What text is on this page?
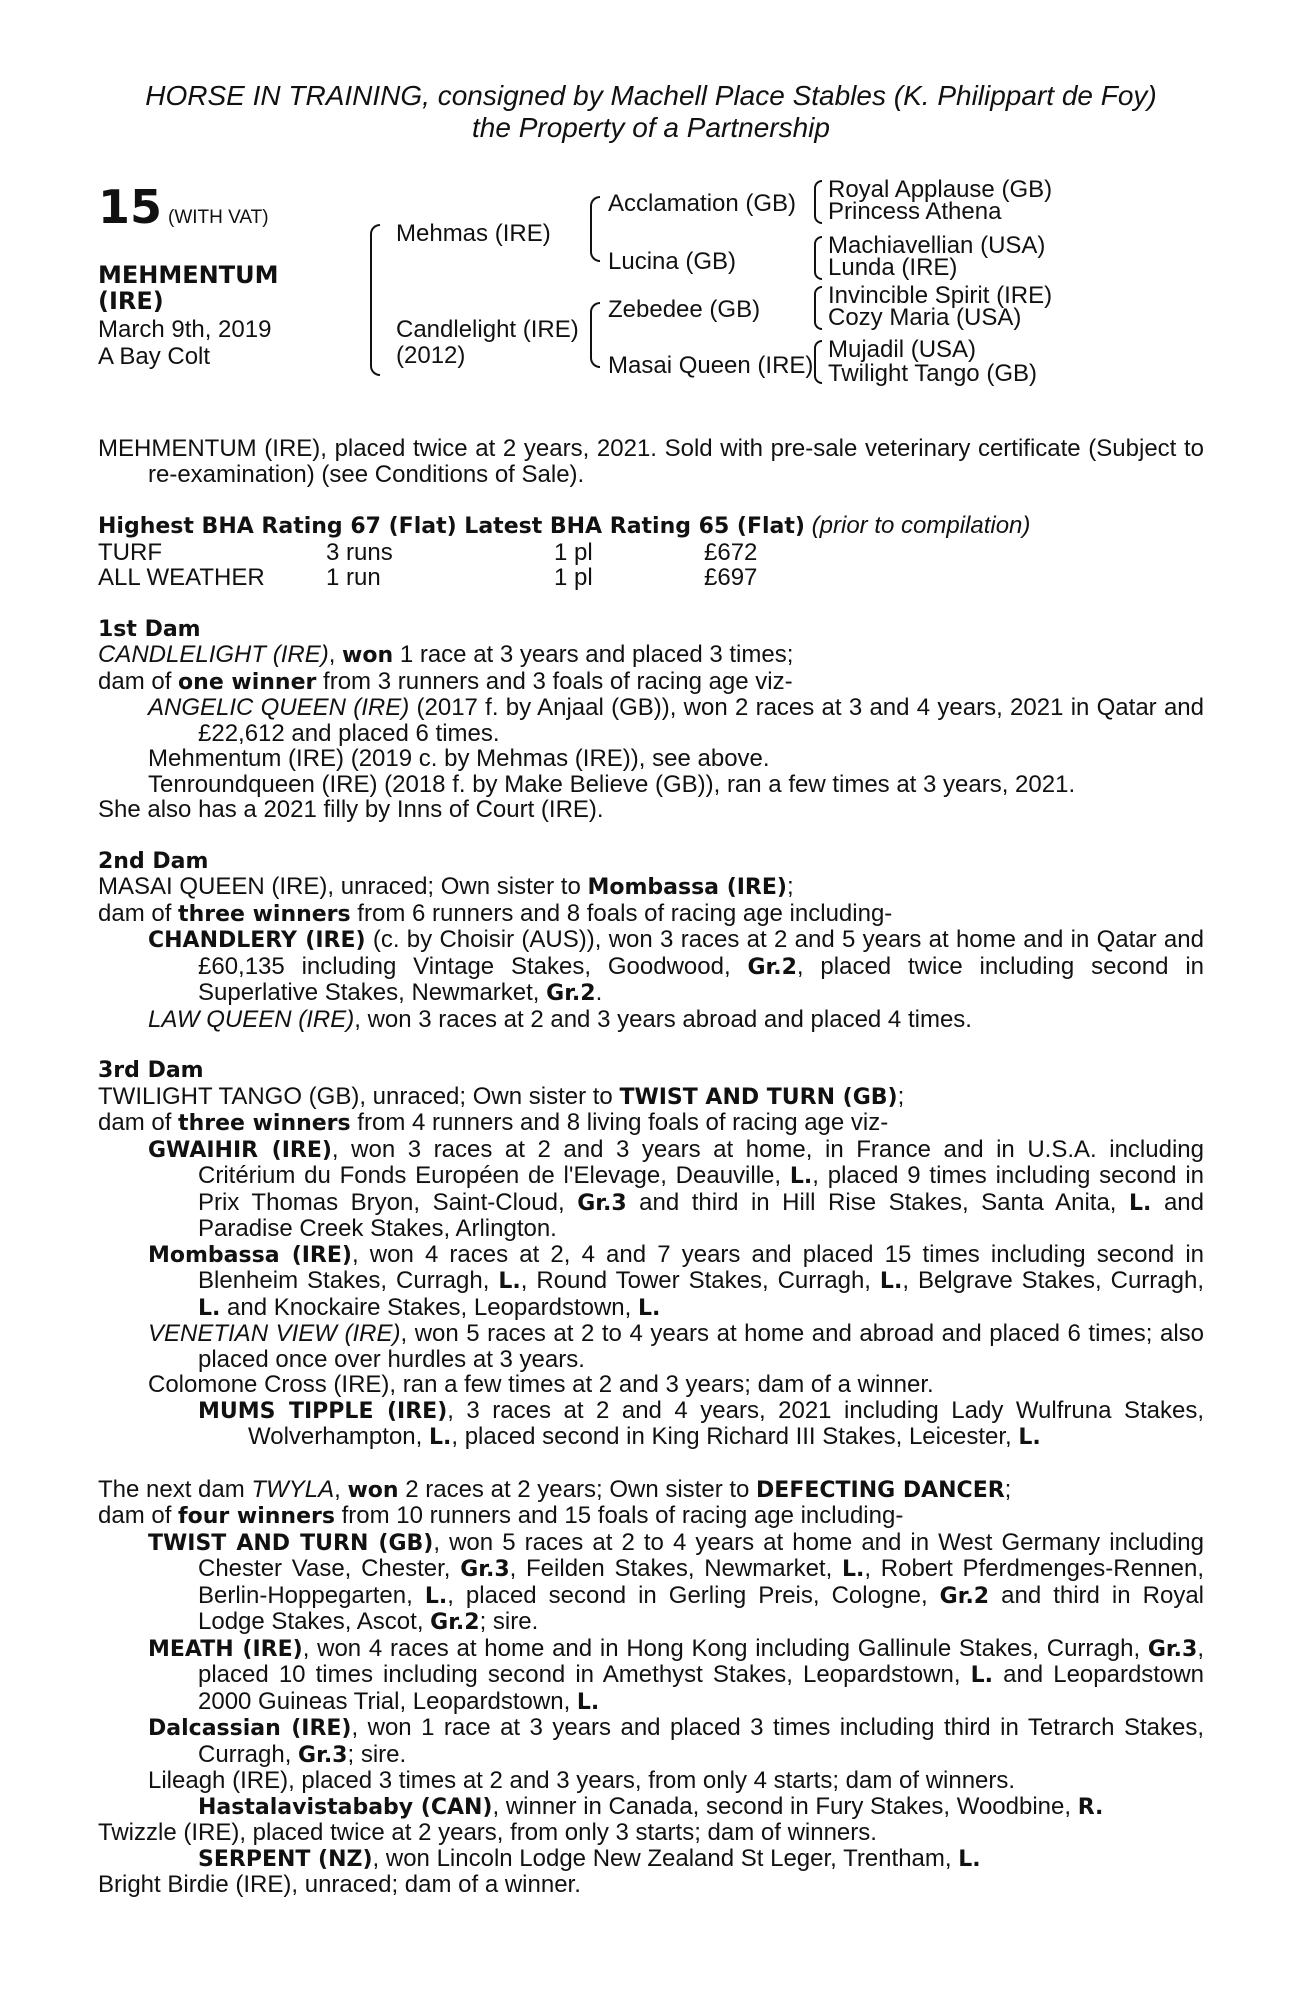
HORSE IN TRAINING, consigned by Machell Place Stables (K. Philippart de Foy)
the Property of a Partnership
15 (WITH VAT)
MEHMENTUM
(IRE)
March 9th, 2019
A Bay Colt
Mehmas (IRE)
Candlelight (IRE)
(2012)
Acclamation (GB)
Lucina (GB)
Zebedee (GB)
Masai Queen (IRE)
Royal Applause (GB)
Princess Athena
Machiavellian (USA)
Lunda (IRE)
Invincible Spirit (IRE)
Cozy Maria (USA)
Mujadil (USA)
Twilight Tango (GB)

MEHMENTUM (IRE), placed twice at 2 years, 2021. Sold with pre-sale veterinary certificate (Subject to re-examination) (see Conditions of Sale).

Highest BHA Rating 67 (Flat) Latest BHA Rating 65 (Flat) (prior to compilation)
TURF	3 runs	1 pl	£672
ALL WEATHER	1 run	1 pl	£697
1st Dam

CANDLELIGHT (IRE), won 1 race at 3 years and placed 3 times;

dam of one winner from 3 runners and 3 foals of racing age viz-

ANGELIC QUEEN (IRE) (2017 f. by Anjaal (GB)), won 2 races at 3 and 4 years, 2021 in Qatar and £22,612 and placed 6 times.

Mehmentum (IRE) (2019 c. by Mehmas (IRE)), see above.

Tenroundqueen (IRE) (2018 f. by Make Believe (GB)), ran a few times at 3 years, 2021.

She also has a 2021 filly by Inns of Court (IRE).

2nd Dam

MASAI QUEEN (IRE), unraced; Own sister to Mombassa (IRE);

dam of three winners from 6 runners and 8 foals of racing age including-

CHANDLERY (IRE) (c. by Choisir (AUS)), won 3 races at 2 and 5 years at home and in Qatar and £60,135 including Vintage Stakes, Goodwood, Gr.2, placed twice including second in Superlative Stakes, Newmarket, Gr.2.

LAW QUEEN (IRE), won 3 races at 2 and 3 years abroad and placed 4 times.

3rd Dam

TWILIGHT TANGO (GB), unraced; Own sister to TWIST AND TURN (GB);

dam of three winners from 4 runners and 8 living foals of racing age viz-

GWAIHIR (IRE), won 3 races at 2 and 3 years at home, in France and in U.S.A. including Critérium du Fonds Européen de l'Elevage, Deauville, L., placed 9 times including second in Prix Thomas Bryon, Saint-Cloud, Gr.3 and third in Hill Rise Stakes, Santa Anita, L. and Paradise Creek Stakes, Arlington.

Mombassa (IRE), won 4 races at 2, 4 and 7 years and placed 15 times including second in Blenheim Stakes, Curragh, L., Round Tower Stakes, Curragh, L., Belgrave Stakes, Curragh, L. and Knockaire Stakes, Leopardstown, L.

VENETIAN VIEW (IRE), won 5 races at 2 to 4 years at home and abroad and placed 6 times; also placed once over hurdles at 3 years.

Colomone Cross (IRE), ran a few times at 2 and 3 years; dam of a winner.

MUMS TIPPLE (IRE), 3 races at 2 and 4 years, 2021 including Lady Wulfruna Stakes, Wolverhampton, L., placed second in King Richard III Stakes, Leicester, L.

The next dam TWYLA, won 2 races at 2 years; Own sister to DEFECTING DANCER;

dam of four winners from 10 runners and 15 foals of racing age including-

TWIST AND TURN (GB), won 5 races at 2 to 4 years at home and in West Germany including Chester Vase, Chester, Gr.3, Feilden Stakes, Newmarket, L., Robert Pferdmenges-Rennen, Berlin-Hoppegarten, L., placed second in Gerling Preis, Cologne, Gr.2 and third in Royal Lodge Stakes, Ascot, Gr.2; sire.

MEATH (IRE), won 4 races at home and in Hong Kong including Gallinule Stakes, Curragh, Gr.3, placed 10 times including second in Amethyst Stakes, Leopardstown, L. and Leopardstown 2000 Guineas Trial, Leopardstown, L.

Dalcassian (IRE), won 1 race at 3 years and placed 3 times including third in Tetrarch Stakes, Curragh, Gr.3; sire.

Lileagh (IRE), placed 3 times at 2 and 3 years, from only 4 starts; dam of winners.

Hastalavistababy (CAN), winner in Canada, second in Fury Stakes, Woodbine, R.

Twizzle (IRE), placed twice at 2 years, from only 3 starts; dam of winners.

SERPENT (NZ), won Lincoln Lodge New Zealand St Leger, Trentham, L.

Bright Birdie (IRE), unraced; dam of a winner.
